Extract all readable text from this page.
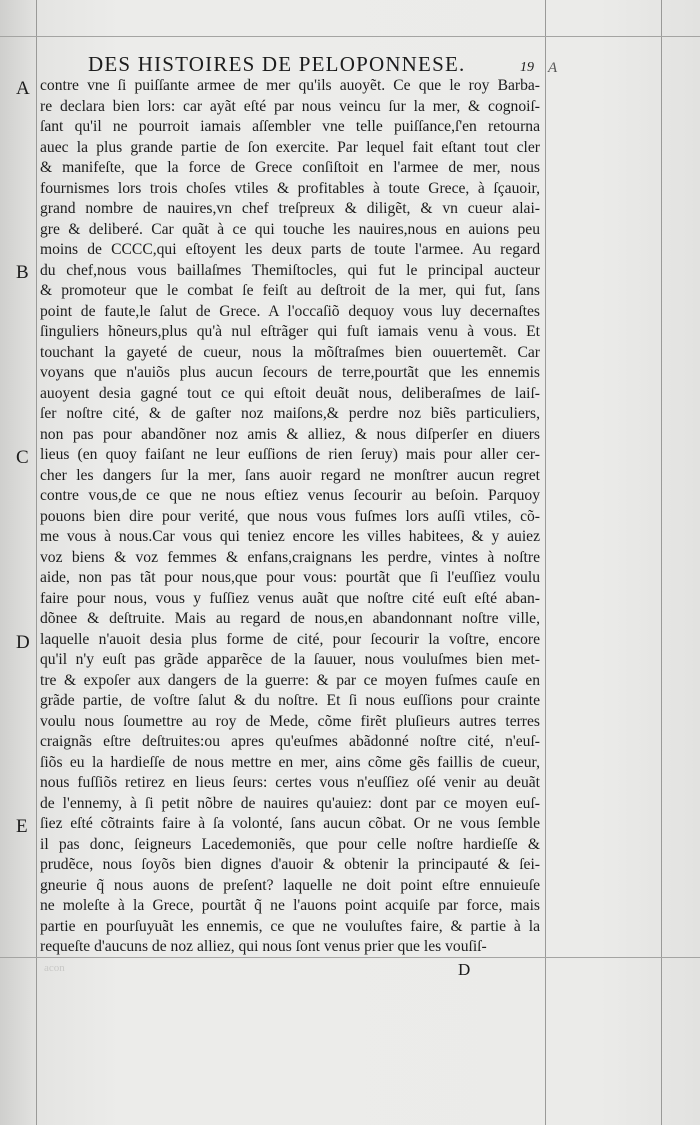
DES HISTOIRES DE PELOPONNESE.	19 A
A
B
C
D
E
contre vne ſi puiſſante armee de mer qu'ils auoyẽt. Ce que le roy Barba-
re declara bien lors: car ayãt eſté par nous veincu ſur la mer, & cognoiſ-
ſant qu'il ne pourroit iamais aſſembler vne telle puiſſance,ſ'en retourna
auec la plus grande partie de ſon exercite. Par lequel fait eſtant tout cler
& manifeſte, que la force de Grece conſiſtoit en l'armee de mer, nous
fournismes lors trois choſes vtiles & profitables à toute Grece, à ſçauoir,
grand nombre de nauires,vn chef treſpreux & diligẽt, & vn cueur alai-
gre & deliberé. Car quãt à ce qui touche les nauires,nous en auions peu
moins de CCCC,qui eſtoyent les deux parts de toute l'armee. Au regard
du chef,nous vous baillaſmes Themiſtocles, qui fut le principal aucteur
& promoteur que le combat ſe feiſt au deſtroit de la mer, qui fut, ſans
point de faute,le ſalut de Grece. A l'occaſiõ dequoy vous luy decernaſtes
ſinguliers hõneurs,plus qu'à nul eſtrãger qui fuſt iamais venu à vous. Et
touchant la gayeté de cueur, nous la mõſtraſmes bien ouuertemẽt. Car
voyans que n'auiõs plus aucun ſecours de terre,pourtãt que les ennemis
auoyent desia gagné tout ce qui eſtoit deuãt nous, deliberaſmes de laiſ-
ſer noſtre cité, & de gaſter noz maiſons,& perdre noz biẽs particuliers,
non pas pour abandõner noz amis & alliez, & nous diſperſer en diuers
lieus (en quoy faiſant ne leur euſſions de rien ſeruy) mais pour aller cer-
cher les dangers ſur la mer, ſans auoir regard ne monſtrer aucun regret
contre vous,de ce que ne nous eſtiez venus ſecourir au beſoin. Parquoy
pouons bien dire pour verité, que nous vous fuſmes lors auſſi vtiles, cõ-
me vous à nous.Car vous qui teniez encore les villes habitees, & y auiez
voz biens & voz femmes & enfans,craignans les perdre, vintes à noſtre
aide, non pas tãt pour nous,que pour vous: pourtãt que ſi l'euſſiez voulu
faire pour nous, vous y fuſſiez venus auãt que noſtre cité euſt eſté aban-
dõnee & deſtruite. Mais au regard de nous,en abandonnant noſtre ville,
laquelle n'auoit desia plus forme de cité, pour ſecourir la voſtre, encore
qu'il n'y euſt pas grãde apparẽce de la ſauuer, nous vouluſmes bien met-
tre & expoſer aux dangers de la guerre: & par ce moyen fuſmes cauſe en
grãde partie, de voſtre ſalut & du noſtre. Et ſi nous euſſions pour crainte
voulu nous ſoumettre au roy de Mede, cõme firẽt pluſieurs autres terres
craignãs eſtre deſtruites:ou apres qu'euſmes abãdonné noſtre cité, n'euſ-
ſiõs eu la hardieſſe de nous mettre en mer, ains cõme gẽs faillis de cueur,
nous fuſſiõs retirez en lieus ſeurs: certes vous n'euſſiez oſé venir au deuãt
de l'ennemy, à ſi petit nõbre de nauires qu'auiez: dont par ce moyen euſ-
ſiez eſté cõtraints faire à ſa volonté, ſans aucun cõbat. Or ne vous ſemble
il pas donc, ſeigneurs Lacedemoniẽs, que pour celle noſtre hardieſſe &
prudẽce, nous ſoyõs bien dignes d'auoir & obtenir la principauté & ſei-
gneurie q̃ nous auons de preſent? laquelle ne doit point eſtre ennuieuſe
ne moleſte à la Grece, pourtãt q̃ ne l'auons point acquiſe par force, mais
partie en pourſuyuãt les ennemis, ce que ne vouluſtes faire, & partie à la
requeſte d'aucuns de noz alliez, qui nous ſont venus prier que les vouſiſ-
acon	D
